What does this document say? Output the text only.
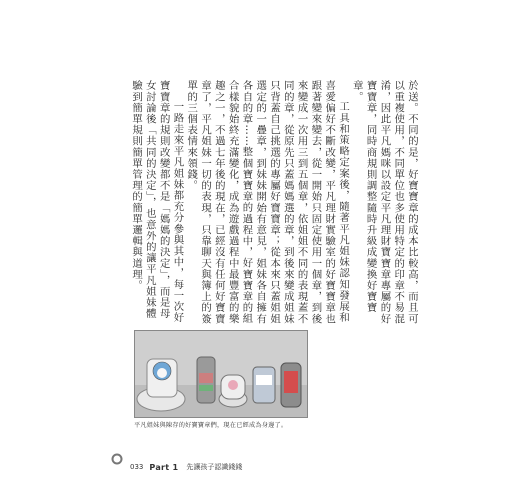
於送。不同的是，好寶寶章的成本比較高，而且可以重複使用，不同單位也多使用特定的印章不易混淆，因此平凡媽咪以設定平凡理財寶寶章專屬的好寶寶章，同時商規則調整隨時升級成變換好寶寶章。

工具和策略定案後，隨著平凡姐妹認知發展和喜愛偏好不斷改變，平凡理財實驗室的好寶寶章也跟著變來變去，從一開始只固定使用一個章，到後來變成一次用三到五個章，依姐姐不同的表現蓋不同的章，從原先只蓋媽媽選的章，到後來變成姐妹只背蓋自己挑選的專屬好寶寶章；從本來只蓋姐姐選定的一疊章，到妹妹開始有意見，姐妹各自擁有各自的章⋯⋯整個寶寶章的過程中，好寶寶章的組合樣貌始終充滿變化，成為遊戲過程中最豐富的樂趣之一，不過七年後的現在，已經沒有任何好寶寶章了，平凡姐妹一切的表現，只靠聊天與簿上的簽單的三個表情來領錢。

一路走來平凡姐妹都充分參與其中，每一次好寶寶章的規則改變都不是「媽媽的決定」，而是母女討論後「共同的決定」，也意外的讓平凡姐妹體驗到簡單規則簡單管理的簡單邏輯與道理。

平凡姐妹與陳存的好寶寶章們，現在已經成為身邊了。
033 Part 1 先讓孩子認識錢錢
